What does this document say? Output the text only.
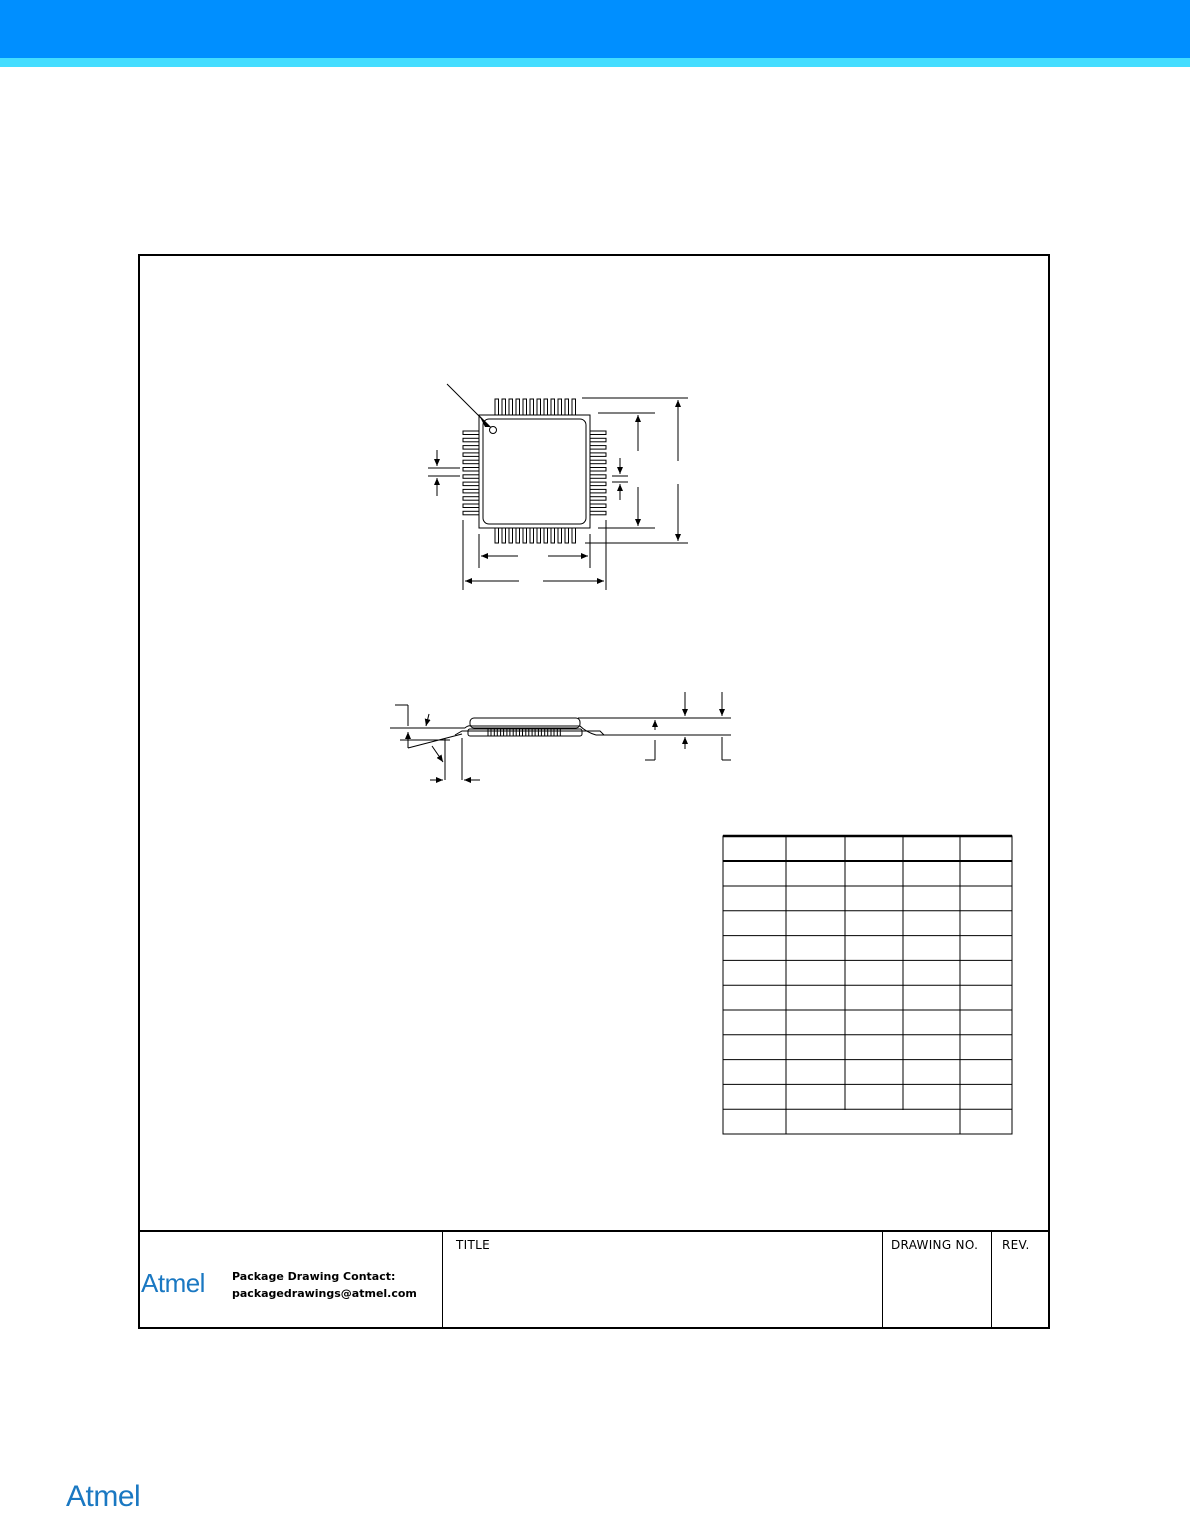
Atmel Package Drawing Contact:
packagedrawings@atmel.com
TITLE	DRAWING NO. REV.
Atmel
